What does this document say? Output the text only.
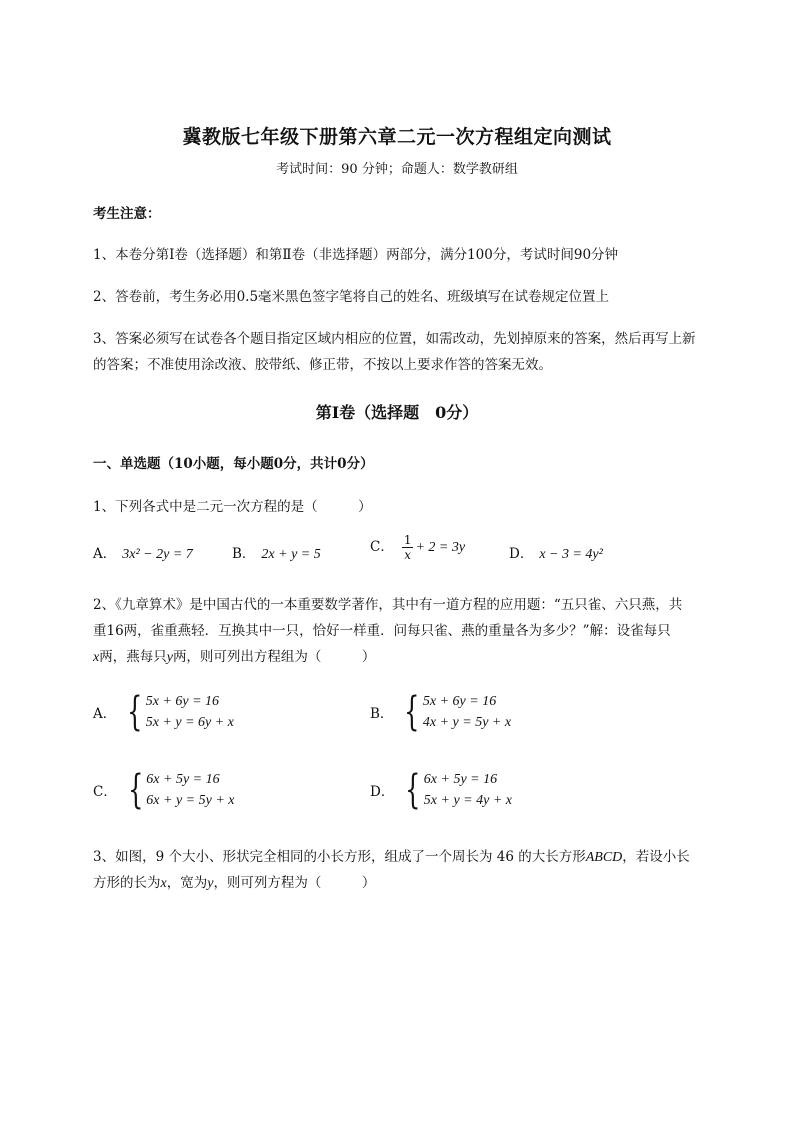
冀教版七年级下册第六章二元一次方程组定向测试
考试时间：90 分钟；命题人：数学教研组
考生注意：
1、本卷分第Ⅰ卷（选择题）和第Ⅱ卷（非选择题）两部分，满分100分，考试时间90分钟
2、答卷前，考生务必用0.5毫米黑色签字笔将自己的姓名、班级填写在试卷规定位置上
3、答案必须写在试卷各个题目指定区域内相应的位置，如需改动，先划掉原来的答案，然后再写上新
的答案；不准使用涂改液、胶带纸、修正带，不按以上要求作答的答案无效。
第Ⅰ卷（选择题　0分）
一、单选题（10小题，每小题0分，共计0分）
1、下列各式中是二元一次方程的是（　　　）
A． 3x² − 2y = 7	B． 2x + y = 5	C． $\frac{1}{x} + 2 = 3y$	D． x − 3 = 4y²
2、《九章算术》是中国古代的一本重要数学著作，其中有一道方程的应用题：“五只雀、六只燕，共
重16两，雀重燕轻．互换其中一只，恰好一样重．问每只雀、燕的重量各为多少？”解：设雀每只
x两，燕每只y两，则可列出方程组为（　　　）
A． { 5x + 6y = 16
5x + y = 6y + x
B． { 5x + 6y = 16
4x + y = 5y + x
C． { 6x + 5y = 16
6x + y = 5y + x
D． { 6x + 5y = 16
5x + y = 4y + x
3、如图，9 个大小、形状完全相同的小长方形，组成了一个周长为 46 的大长方形ABCD，若设小长
方形的长为x，宽为y，则可列方程为（　　　）
